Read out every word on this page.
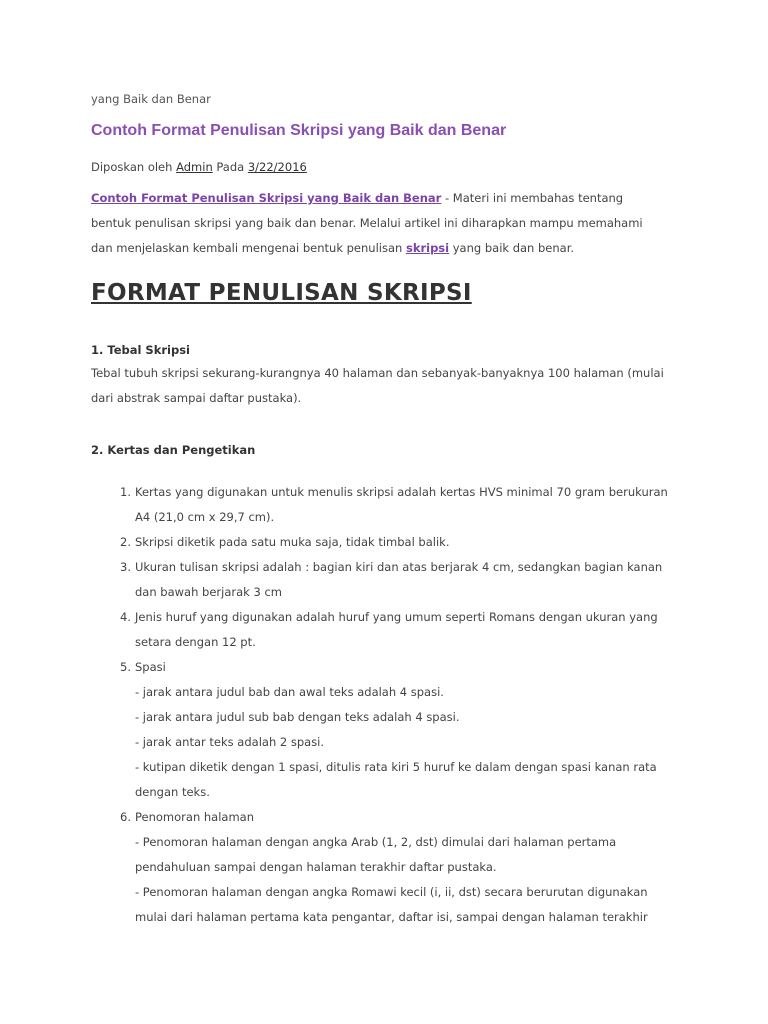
yang Baik dan Benar
Contoh Format Penulisan Skripsi yang Baik dan Benar
Diposkan oleh Admin Pada 3/22/2016
Contoh Format Penulisan Skripsi yang Baik dan Benar - Materi ini membahas tentang bentuk penulisan skripsi yang baik dan benar. Melalui artikel ini diharapkan mampu memahami dan menjelaskan kembali mengenai bentuk penulisan skripsi yang baik dan benar.
FORMAT PENULISAN SKRIPSI
1. Tebal Skripsi
Tebal tubuh skripsi sekurang-kurangnya 40 halaman dan sebanyak-banyaknya 100 halaman (mulai dari abstrak sampai daftar pustaka).
2. Kertas dan Pengetikan
1. Kertas yang digunakan untuk menulis skripsi adalah kertas HVS minimal 70 gram berukuran
A4 (21,0 cm x 29,7 cm).
2. Skripsi diketik pada satu muka saja, tidak timbal balik.
3. Ukuran tulisan skripsi adalah : bagian kiri dan atas berjarak 4 cm, sedangkan bagian kanan
dan bawah berjarak 3 cm
4. Jenis huruf yang digunakan adalah huruf yang umum seperti Romans dengan ukuran yang
setara dengan 12 pt.
5. Spasi
- jarak antara judul bab dan awal teks adalah 4 spasi.
- jarak antara judul sub bab dengan teks adalah 4 spasi.
- jarak antar teks adalah 2 spasi.
- kutipan diketik dengan 1 spasi, ditulis rata kiri 5 huruf ke dalam dengan spasi kanan rata
dengan teks.
6. Penomoran halaman
- Penomoran halaman dengan angka Arab (1, 2, dst) dimulai dari halaman pertama
pendahuluan sampai dengan halaman terakhir daftar pustaka.
- Penomoran halaman dengan angka Romawi kecil (i, ii, dst) secara berurutan digunakan
mulai dari halaman pertama kata pengantar, daftar isi, sampai dengan halaman terakhir
